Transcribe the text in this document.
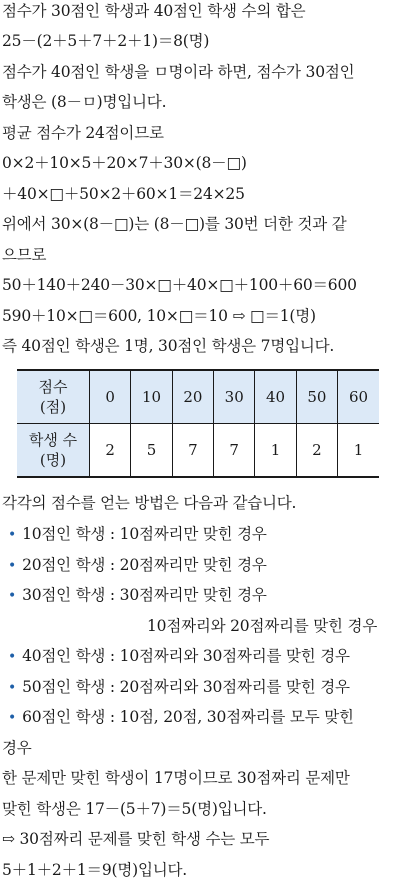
점수가 30점인 학생과 40점인 학생 수의 합은
25－(2＋5＋7＋2＋1)＝8(명)
점수가 40점인 학생을 ㅁ명이라 하면, 점수가 30점인
학생은 (8－ㅁ)명입니다.
평균 점수가 24점이므로
0×2＋10×5＋20×7＋30×(8－□)
＋40×□＋50×2＋60×1＝24×25
위에서 30×(8－□)는 (8－□)를 30번 더한 것과 같
으므로
50＋140＋240－30×□＋40×□＋100＋60＝600
590＋10×□＝600, 10×□＝10 ⇨ □＝1(명)
즉 40점인 학생은 1명, 30점인 학생은 7명입니다.
점수
(점)	0	10	20	30	40	50	60

학생 수
(명)	2	5	7	7	1	2	1
각각의 점수를 얻는 방법은 다음과 같습니다.
• 10점인 학생 : 10점짜리만 맞힌 경우
• 20점인 학생 : 20점짜리만 맞힌 경우
• 30점인 학생 : 30점짜리만 맞힌 경우
10점짜리와 20점짜리를 맞힌 경우
• 40점인 학생 : 10점짜리와 30점짜리를 맞힌 경우
• 50점인 학생 : 20점짜리와 30점짜리를 맞힌 경우
• 60점인 학생 : 10점, 20점, 30점짜리를 모두 맞힌
경우
한 문제만 맞힌 학생이 17명이므로 30점짜리 문제만
맞힌 학생은 17－(5＋7)＝5(명)입니다.
⇨ 30점짜리 문제를 맞힌 학생 수는 모두
5＋1＋2＋1＝9(명)입니다.
